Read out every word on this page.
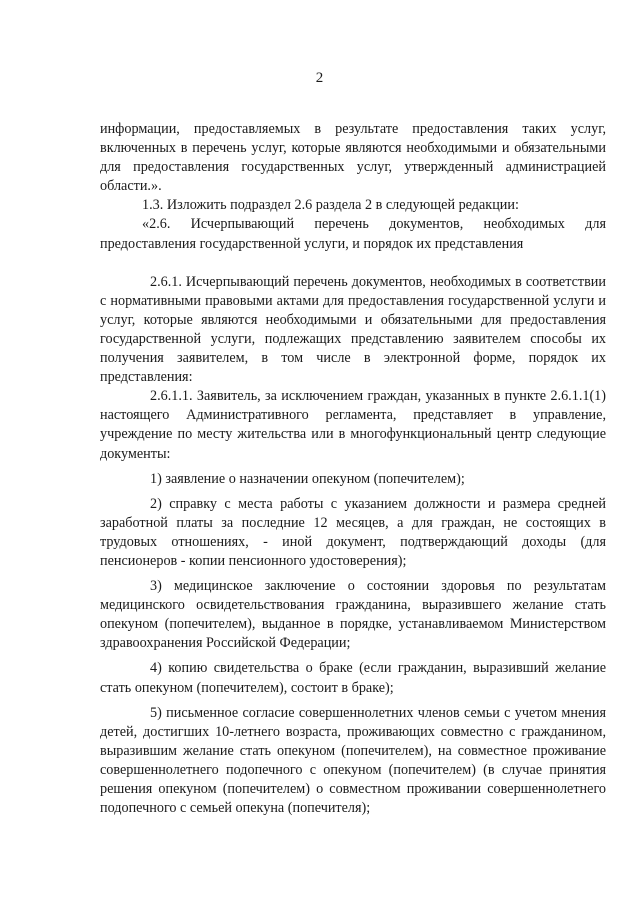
2

информации, предоставляемых в результате предоставления таких услуг, включенных в перечень услуг, которые являются необходимыми и обязательными для предоставления государственных услуг, утвержденный администрацией области.».

1.3. Изложить подраздел 2.6 раздела 2 в следующей редакции:

«2.6. Исчерпывающий перечень документов, необходимых для предоставления государственной услуги, и порядок их представления

2.6.1. Исчерпывающий перечень документов, необходимых в соответствии с нормативными правовыми актами для предоставления государственной услуги и услуг, которые являются необходимыми и обязательными для предоставления государственной услуги, подлежащих представлению заявителем способы их получения заявителем, в том числе в электронной форме, порядок их представления:

2.6.1.1. Заявитель, за исключением граждан, указанных в пункте 2.6.1.1(1) настоящего Административного регламента, представляет в управление, учреждение по месту жительства или в многофункциональный центр следующие документы:

1) заявление о назначении опекуном (попечителем);

2) справку с места работы с указанием должности и размера средней заработной платы за последние 12 месяцев, а для граждан, не состоящих в трудовых отношениях, - иной документ, подтверждающий доходы (для пенсионеров - копии пенсионного удостоверения);

3) медицинское заключение о состоянии здоровья по результатам медицинского освидетельствования гражданина, выразившего желание стать опекуном (попечителем), выданное в порядке, устанавливаемом Министерством здравоохранения Российской Федерации;

4) копию свидетельства о браке (если гражданин, выразивший желание стать опекуном (попечителем), состоит в браке);

5) письменное согласие совершеннолетних членов семьи с учетом мнения детей, достигших 10-летнего возраста, проживающих совместно с гражданином, выразившим желание стать опекуном (попечителем), на совместное проживание совершеннолетнего подопечного с опекуном (попечителем) (в случае принятия решения опекуном (попечителем) о совместном проживании совершеннолетнего подопечного с семьей опекуна (попечителя);
